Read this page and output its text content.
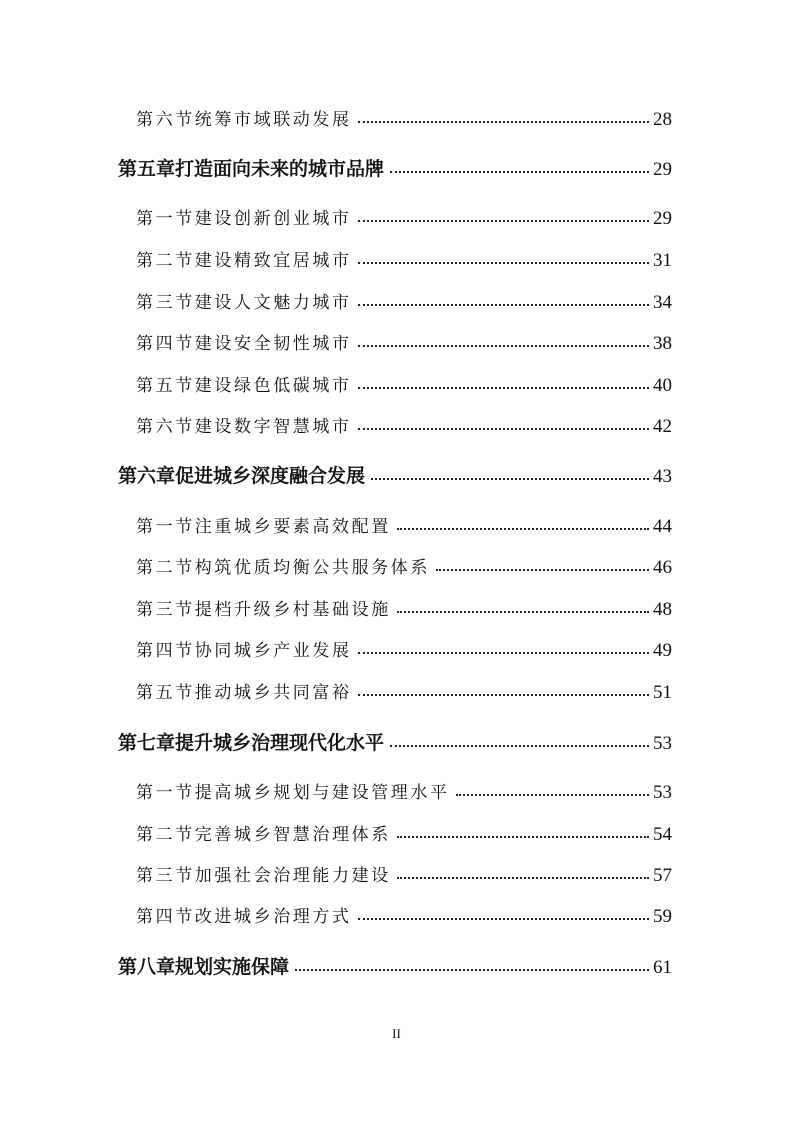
第六节统筹市域联动发展	28
第五章打造面向未来的城市品牌	29
第一节建设创新创业城市	29
第二节建设精致宜居城市	31
第三节建设人文魅力城市	34
第四节建设安全韧性城市	38
第五节建设绿色低碳城市	40
第六节建设数字智慧城市	42
第六章促进城乡深度融合发展	43
第一节注重城乡要素高效配置	44
第二节构筑优质均衡公共服务体系	46
第三节提档升级乡村基础设施	48
第四节协同城乡产业发展	49
第五节推动城乡共同富裕	51
第七章提升城乡治理现代化水平	53
第一节提高城乡规划与建设管理水平	53
第二节完善城乡智慧治理体系	54
第三节加强社会治理能力建设	57
第四节改进城乡治理方式	59
第八章规划实施保障	61
II
